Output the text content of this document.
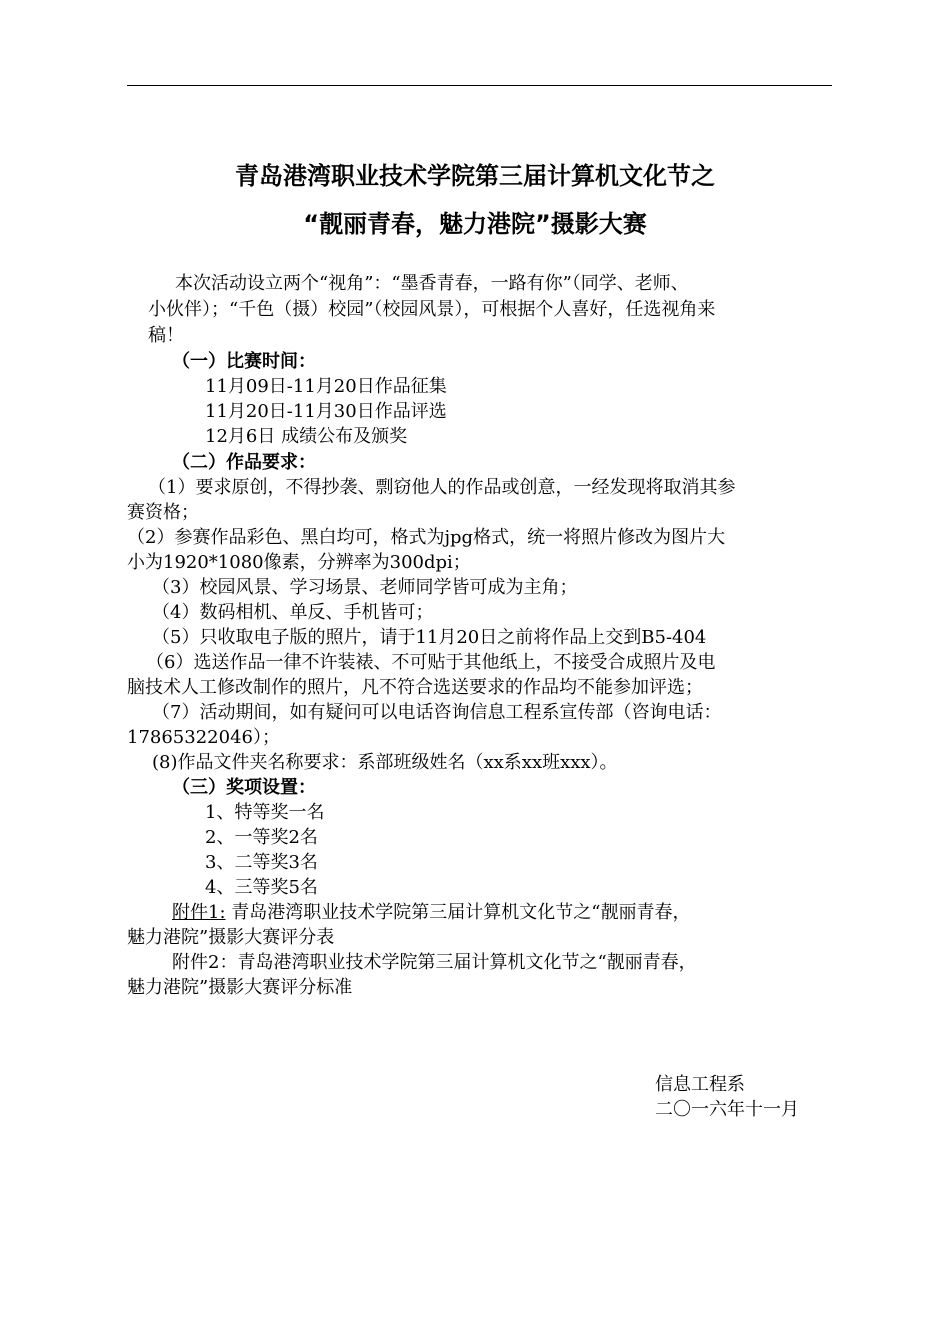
青岛港湾职业技术学院第三届计算机文化节之
“靓丽青春，魅力港院”摄影大赛
本次活动设立两个“视角”：“墨香青春，一路有你”（同学、老师、
小伙伴）；“千色（摄）校园”（校园风景），可根据个人喜好，任选视角来
稿！
（一）比赛时间：
11月09日-11月20日作品征集
11月20日-11月30日作品评选
12月6日 成绩公布及颁奖
（二）作品要求：
（1）要求原创，不得抄袭、剽窃他人的作品或创意，一经发现将取消其参
赛资格；
（2）参赛作品彩色、黑白均可，格式为jpg格式，统一将照片修改为图片大
小为1920*1080像素，分辨率为300dpi；
（3）校园风景、学习场景、老师同学皆可成为主角；
（4）数码相机、单反、手机皆可；
（5）只收取电子版的照片，请于11月20日之前将作品上交到B5-404
（6）选送作品一律不许装裱、不可贴于其他纸上，不接受合成照片及电
脑技术人工修改制作的照片，凡不符合选送要求的作品均不能参加评选；
（7）活动期间，如有疑问可以电话咨询信息工程系宣传部（咨询电话：
17865322046）；
(8)作品文件夹名称要求：系部班级姓名（xx系xx班xxx）。
（三）奖项设置：
1、特等奖一名
2、一等奖2名
3、二等奖3名
4、三等奖5名
附件1: 青岛港湾职业技术学院第三届计算机文化节之“靓丽青春，
魅力港院”摄影大赛评分表
附件2：青岛港湾职业技术学院第三届计算机文化节之“靓丽青春，
魅力港院”摄影大赛评分标准
信息工程系
二〇一六年十一月
